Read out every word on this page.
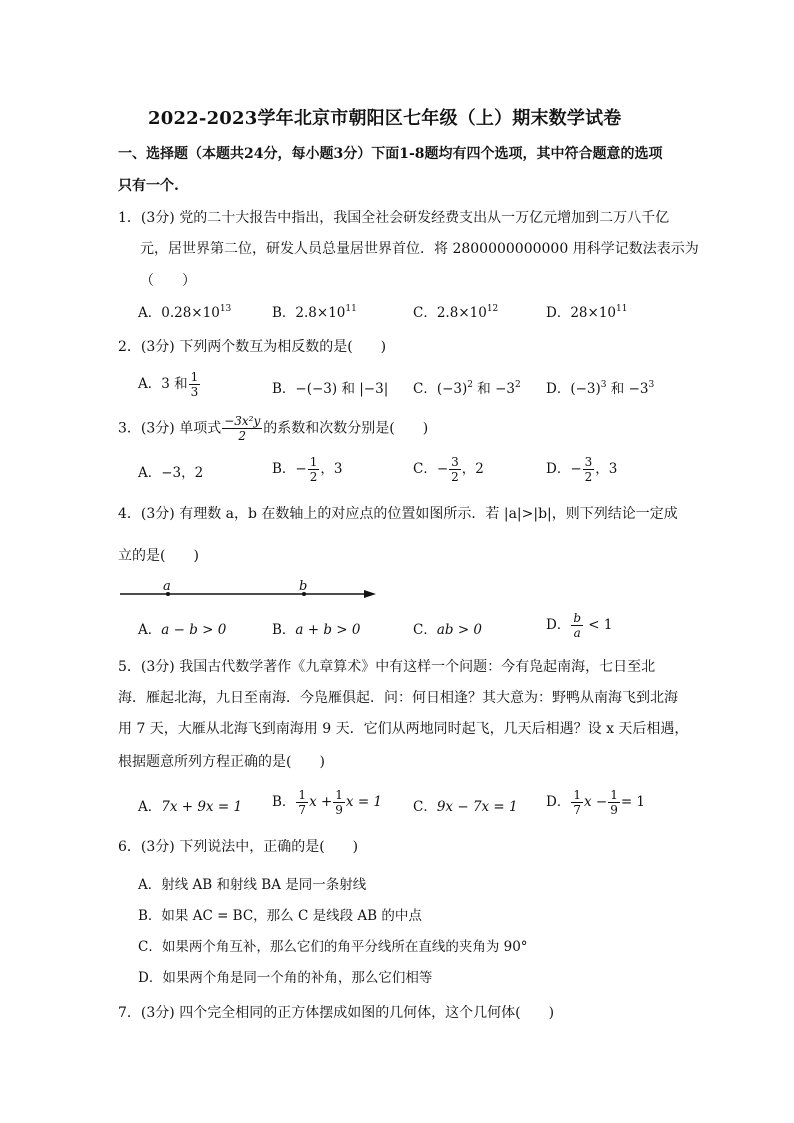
2022-2023学年北京市朝阳区七年级（上）期末数学试卷
一、选择题（本题共24分，每小题3分）下面1-8题均有四个选项，其中符合题意的选项
只有一个.
1．(3分) 党的二十大报告中指出，我国全社会研发经费支出从一万亿元增加到二万八千亿
元，居世界第二位，研发人员总量居世界首位．将 2800000000000 用科学记数法表示为
（　　）
A．$0.28\times 10^{13}$	B．$2.8\times 10^{11}$	C．$2.8\times 10^{12}$	D．$28\times 10^{11}$
2．(3分) 下列两个数互为相反数的是(　　)
A．3 和 $\frac{1}{3}$	B．−(−3) 和 |−3| C．$(-3)^2$ 和 $-3^2$ D．$(-3)^3$ 和 $-3^3$
3．(3分) 单项式 $\frac{\text{−3x²y}}{2}$ 的系数和次数分别是(　　)
A．−3，2	B．− $\frac{1}{2}$ ，3	C．− $\frac{3}{2}$ ，2	D．− $\frac{3}{2}$ ，3
4．(3分) 有理数 a，b 在数轴上的对应点的位置如图所示．若 |a|>|b|，则下列结论一定成
立的是(　　)
a	b
A．a − b > 0	B．a + b > 0	C．ab > 0	D． $\frac{b}{a} < 1$
5．(3分) 我国古代数学著作《九章算术》中有这样一个问题：今有凫起南海，七日至北
海．雁起北海，九日至南海．今凫雁俱起．问：何日相逢？其大意为：野鸭从南海飞到北海
用 7 天，大雁从北海飞到南海用 9 天．它们从两地同时起飞，几天后相遇？设 x 天后相遇，
根据题意所列方程正确的是(　　)
A．7x + 9x = 1 B． $\frac{1}{7}$ $x + \frac{1}{9}$ x = 1 C．9x − 7x = 1 D． $\frac{1}{7}$ $x - \frac{1}{9} = 1$
6．(3分) 下列说法中，正确的是(　　)
A．射线 AB 和射线 BA 是同一条射线
B．如果 AC = BC，那么 C 是线段 AB 的中点
C．如果两个角互补，那么它们的角平分线所在直线的夹角为 90°
D．如果两个角是同一个角的补角，那么它们相等
7．(3分) 四个完全相同的正方体摆成如图的几何体，这个几何体(　　)
